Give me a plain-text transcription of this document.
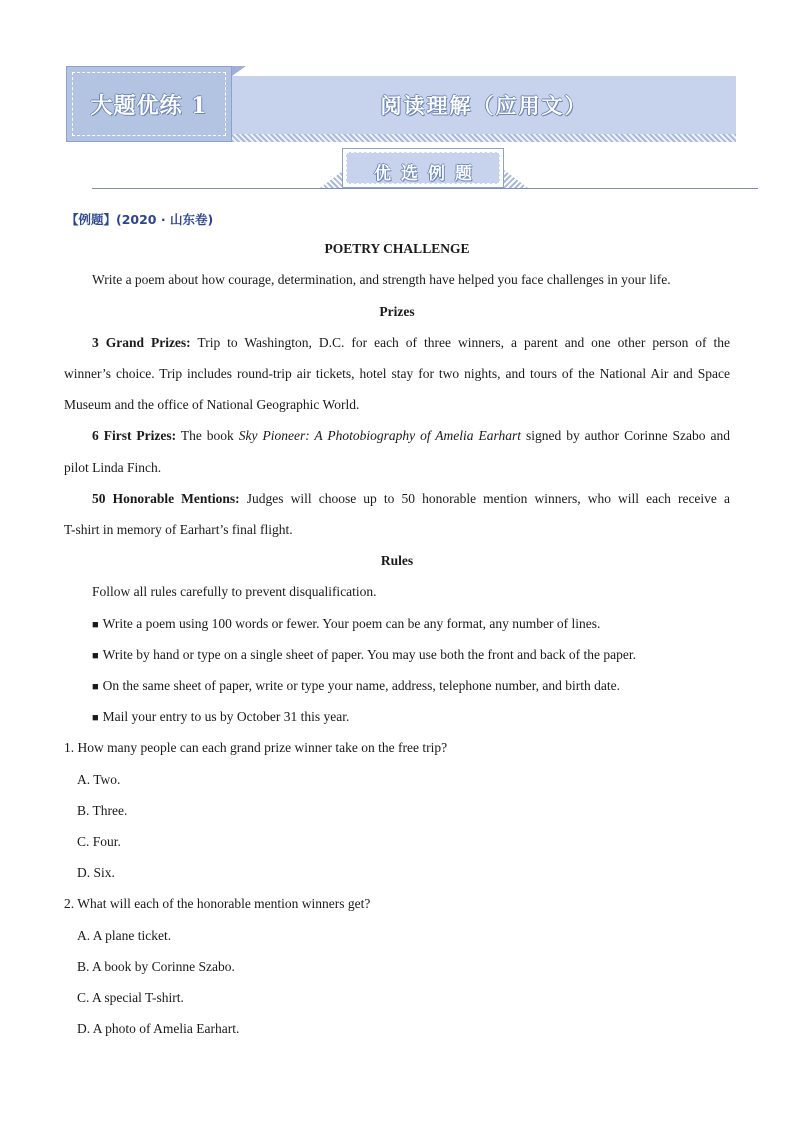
大题优练 1	阅读理解（应用文）
优选例题
【例题】(2020 · 山东卷)
POETRY CHALLENGE
Write a poem about how courage, determination, and strength have helped you face challenges in your life.
Prizes
3 Grand Prizes: Trip to Washington, D.C. for each of three winners, a parent and one other person of the
winner’s choice. Trip includes round-trip air tickets, hotel stay for two nights, and tours of the National Air and Space
Museum and the office of National Geographic World.
6 First Prizes: The book Sky Pioneer: A Photobiography of Amelia Earhart signed by author Corinne Szabo and
pilot Linda Finch.
50 Honorable Mentions: Judges will choose up to 50 honorable mention winners, who will each receive a
T-shirt in memory of Earhart’s final flight.
Rules
Follow all rules carefully to prevent disqualification.
■ Write a poem using 100 words or fewer. Your poem can be any format, any number of lines.
■ Write by hand or type on a single sheet of paper. You may use both the front and back of the paper.
■ On the same sheet of paper, write or type your name, address, telephone number, and birth date.
■ Mail your entry to us by October 31 this year.
1. How many people can each grand prize winner take on the free trip?
A. Two.
B. Three.
C. Four.
D. Six.
2. What will each of the honorable mention winners get?
A. A plane ticket.
B. A book by Corinne Szabo.
C. A special T-shirt.
D. A photo of Amelia Earhart.
